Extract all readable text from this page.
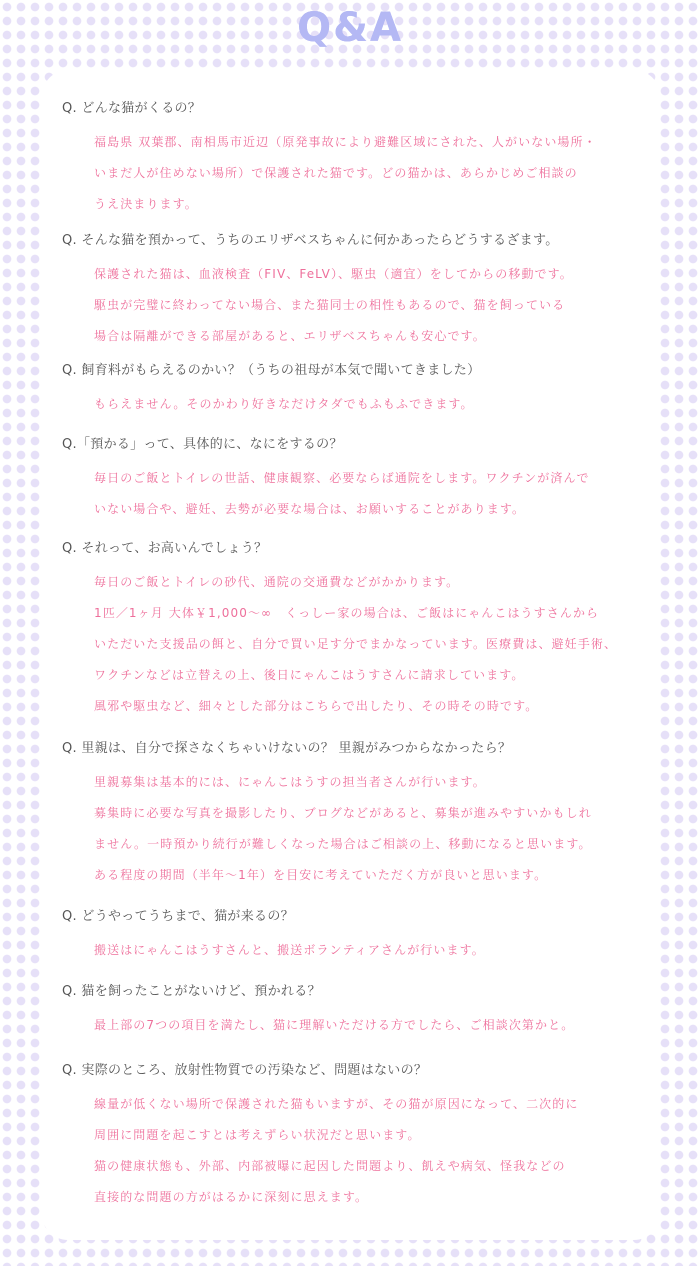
Q&A
Q. どんな猫がくるの？

福島県 双葉郡、南相馬市近辺（原発事故により避難区域にされた、人がいない場所・

いまだ人が住めない場所）で保護された猫です。どの猫かは、あらかじめご相談の

うえ決まります。

Q. そんな猫を預かって、うちのエリザベスちゃんに何かあったらどうするざます。

保護された猫は、血液検査（FIV、FeLV）、駆虫（適宜）をしてからの移動です。

駆虫が完璧に終わってない場合、また猫同士の相性もあるので、猫を飼っている

場合は隔離ができる部屋があると、エリザベスちゃんも安心です。

Q. 飼育料がもらえるのかい？（うちの祖母が本気で聞いてきました）

もらえません。そのかわり好きなだけタダでもふもふできます。

Q.「預かる」って、具体的に、なにをするの？

毎日のご飯とトイレの世話、健康観察、必要ならば通院をします。ワクチンが済んで

いない場合や、避妊、去勢が必要な場合は、お願いすることがあります。

Q. それって、お高いんでしょう？

毎日のご飯とトイレの砂代、通院の交通費などがかかります。

1匹／1ヶ月 大体￥1,000～∞　くっしー家の場合は、ご飯はにゃんこはうすさんから

いただいた支援品の餌と、自分で買い足す分でまかなっています。医療費は、避妊手術、

ワクチンなどは立替えの上、後日にゃんこはうすさんに請求しています。

風邪や駆虫など、細々とした部分はこちらで出したり、その時その時です。

Q. 里親は、自分で探さなくちゃいけないの？ 里親がみつからなかったら？

里親募集は基本的には、にゃんこはうすの担当者さんが行います。

募集時に必要な写真を撮影したり、ブログなどがあると、募集が進みやすいかもしれ

ません。一時預かり続行が難しくなった場合はご相談の上、移動になると思います。

ある程度の期間（半年～1年）を目安に考えていただく方が良いと思います。

Q. どうやってうちまで、猫が来るの？

搬送はにゃんこはうすさんと、搬送ボランティアさんが行います。

Q. 猫を飼ったことがないけど、預かれる？

最上部の7つの項目を満たし、猫に理解いただける方でしたら、ご相談次第かと。

Q. 実際のところ、放射性物質での汚染など、問題はないの？

線量が低くない場所で保護された猫もいますが、その猫が原因になって、二次的に

周囲に問題を起こすとは考えずらい状況だと思います。

猫の健康状態も、外部、内部被曝に起因した問題より、飢えや病気、怪我などの

直接的な問題の方がはるかに深刻に思えます。
